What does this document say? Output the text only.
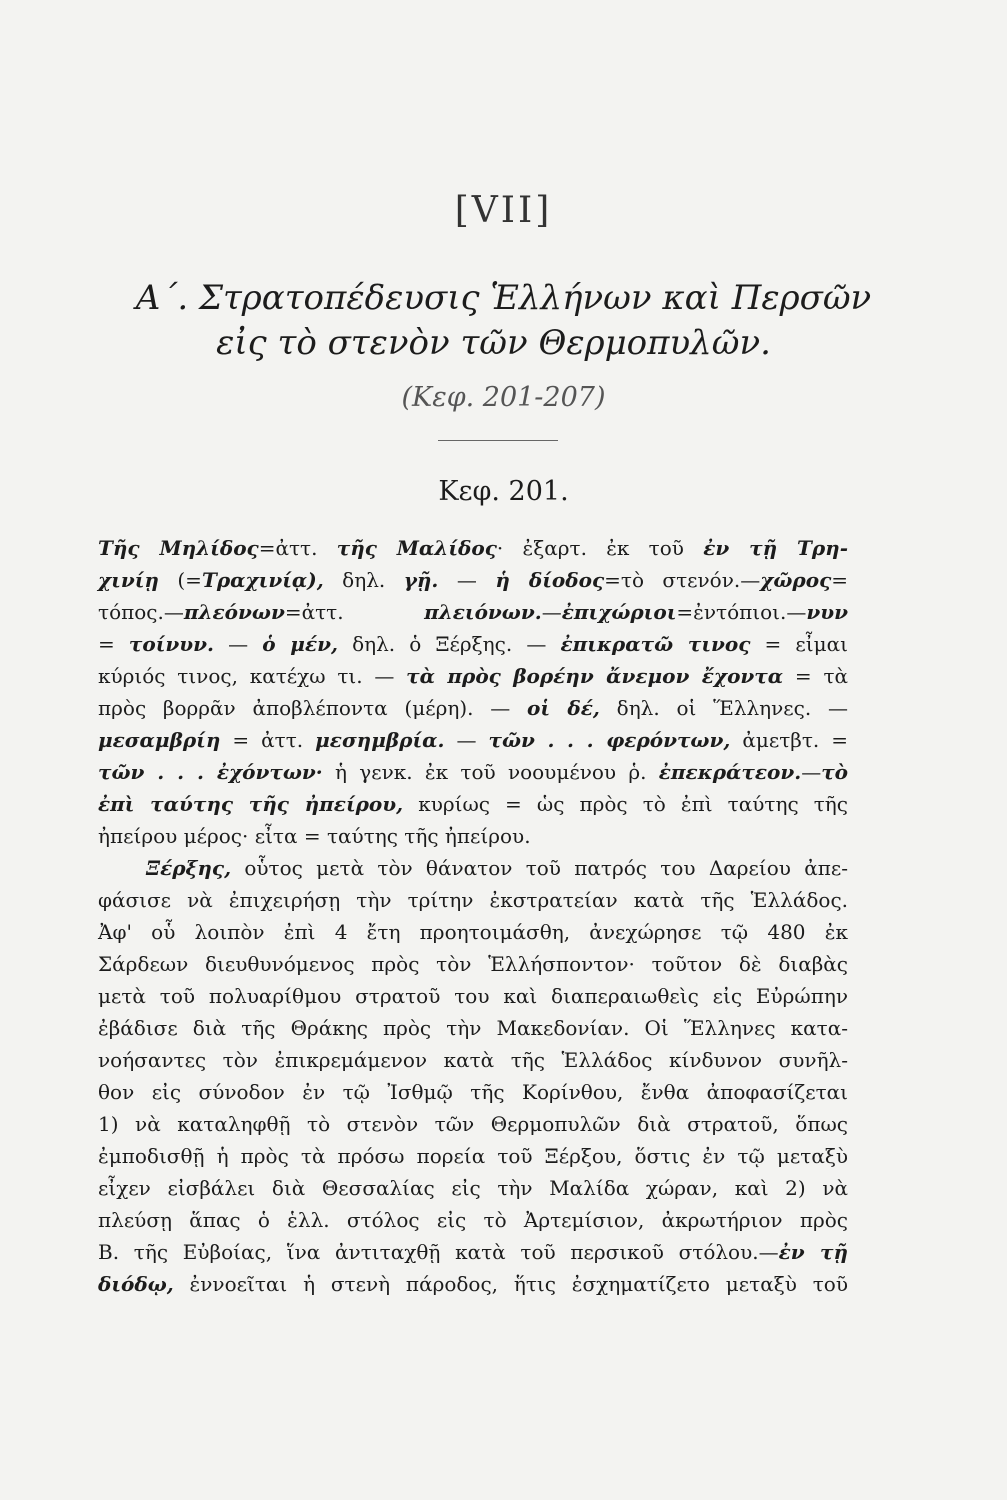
[VII]
Α΄. Στρατοπέδευσις Ἑλλήνων καὶ Περσῶν
εἰς τὸ στενὸν τῶν Θερμοπυλῶν.
(Κεφ. 201-207)
Κεφ. 201.
Τῆς Μηλίδος=ἀττ. τῆς Μαλίδος· ἐξαρτ. ἐκ τοῦ ἐν τῇ Τρη-
χινίῃ (=Τραχινίᾳ), δηλ. γῇ. — ἡ δίοδος=τὸ στενόν.—χῶρος=
τόπος.—πλεόνων=ἀττ. πλειόνων.—ἐπιχώριοι=ἐντόπιοι.—νυν
= τοίνυν. — ὁ μέν, δηλ. ὁ Ξέρξης. — ἐπικρατῶ τινος = εἶμαι
κύριός τινος, κατέχω τι. — τὰ πρὸς βορέην ἄνεμον ἔχοντα = τὰ
πρὸς βορρᾶν ἀποβλέποντα (μέρη). — οἱ δέ, δηλ. οἱ Ἕλληνες. —
μεσαμβρίη = ἀττ. μεσημβρία. — τῶν . . . φερόντων, ἀμετβτ. =
τῶν . . . ἐχόντων· ἡ γενκ. ἐκ τοῦ νοουμένου ῥ. ἐπεκράτεον.—τὸ
ἐπὶ ταύτης τῆς ἠπείρου, κυρίως = ὡς πρὸς τὸ ἐπὶ ταύτης τῆς
ἠπείρου μέρος· εἶτα = ταύτης τῆς ἠπείρου.
Ξέρξης, οὗτος μετὰ τὸν θάνατον τοῦ πατρός του Δαρείου ἀπε-
φάσισε νὰ ἐπιχειρήσῃ τὴν τρίτην ἐκστρατείαν κατὰ τῆς Ἑλλάδος.
Ἀφ' οὗ λοιπὸν ἐπὶ 4 ἔτη προητοιμάσθη, ἀνεχώρησε τῷ 480 ἐκ
Σάρδεων διευθυνόμενος πρὸς τὸν Ἑλλήσποντον· τοῦτον δὲ διαβὰς
μετὰ τοῦ πολυαρίθμου στρατοῦ του καὶ διαπεραιωθεὶς εἰς Εὐρώπην
ἐβάδισε διὰ τῆς Θράκης πρὸς τὴν Μακεδονίαν. Οἱ Ἕλληνες κατα-
νοήσαντες τὸν ἐπικρεμάμενον κατὰ τῆς Ἑλλάδος κίνδυνον συνῆλ-
θον εἰς σύνοδον ἐν τῷ Ἰσθμῷ τῆς Κορίνθου, ἔνθα ἀποφασίζεται
1) νὰ καταληφθῇ τὸ στενὸν τῶν Θερμοπυλῶν διὰ στρατοῦ, ὅπως
ἐμποδισθῇ ἡ πρὸς τὰ πρόσω πορεία τοῦ Ξέρξου, ὅστις ἐν τῷ μεταξὺ
εἶχεν εἰσβάλει διὰ Θεσσαλίας εἰς τὴν Μαλίδα χώραν, καὶ 2) νὰ
πλεύσῃ ἅπας ὁ ἑλλ. στόλος εἰς τὸ Ἀρτεμίσιον, ἀκρωτήριον πρὸς
Β. τῆς Εὐβοίας, ἵνα ἀντιταχθῇ κατὰ τοῦ περσικοῦ στόλου.—ἐν τῇ
διόδῳ, ἐννοεῖται ἡ στενὴ πάροδος, ἥτις ἐσχηματίζετο μεταξὺ τοῦ
